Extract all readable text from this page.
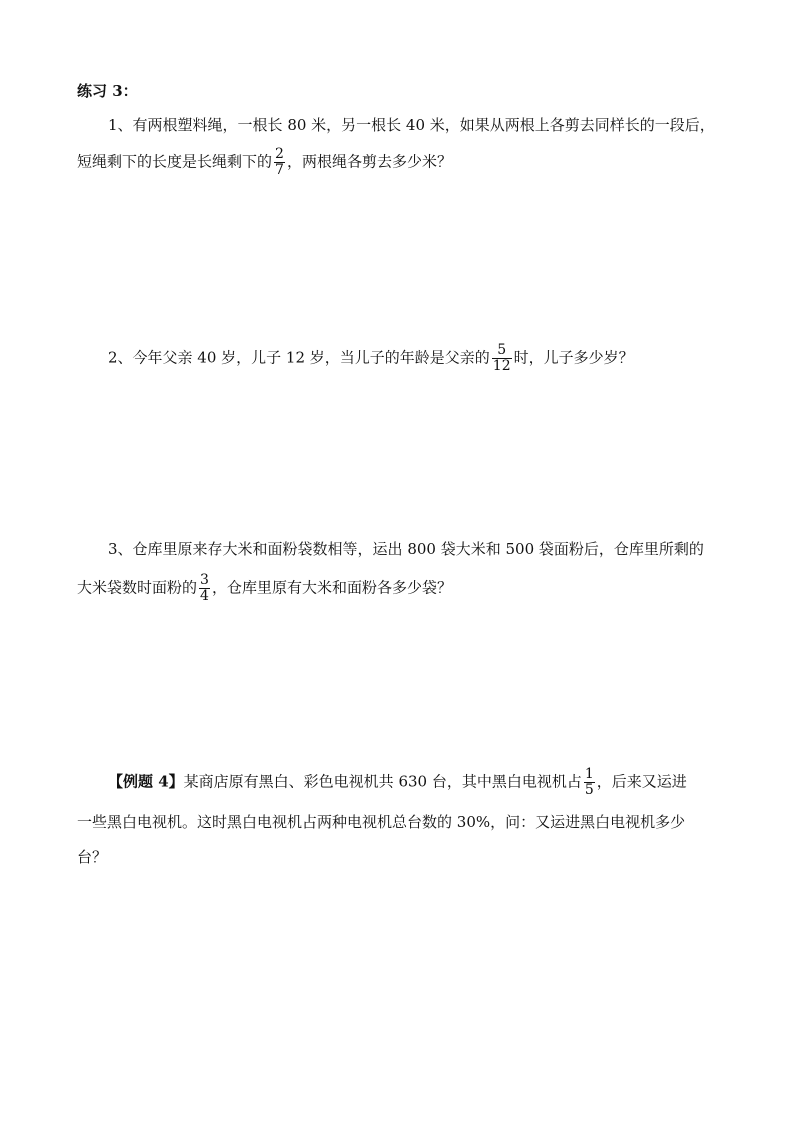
练习 3：
1、有两根塑料绳，一根长 80 米，另一根长 40 米，如果从两根上各剪去同样长的一段后，
短绳剩下的长度是长绳剩下的 $\frac{2}{7}$ ，两根绳各剪去多少米？
2、今年父亲 40 岁，儿子 12 岁，当儿子的年龄是父亲的 $\frac{5}{12}$ 时，儿子多少岁？
3、仓库里原来存大米和面粉袋数相等，运出 800 袋大米和 500 袋面粉后，仓库里所剩的
大米袋数时面粉的 $\frac{3}{4}$ ，仓库里原有大米和面粉各多少袋？
【例题 4】某商店原有黑白、彩色电视机共 630 台，其中黑白电视机占 $\frac{1}{5}$ ，后来又运进
一些黑白电视机。这时黑白电视机占两种电视机总台数的 30%，问：又运进黑白电视机多少
台？
